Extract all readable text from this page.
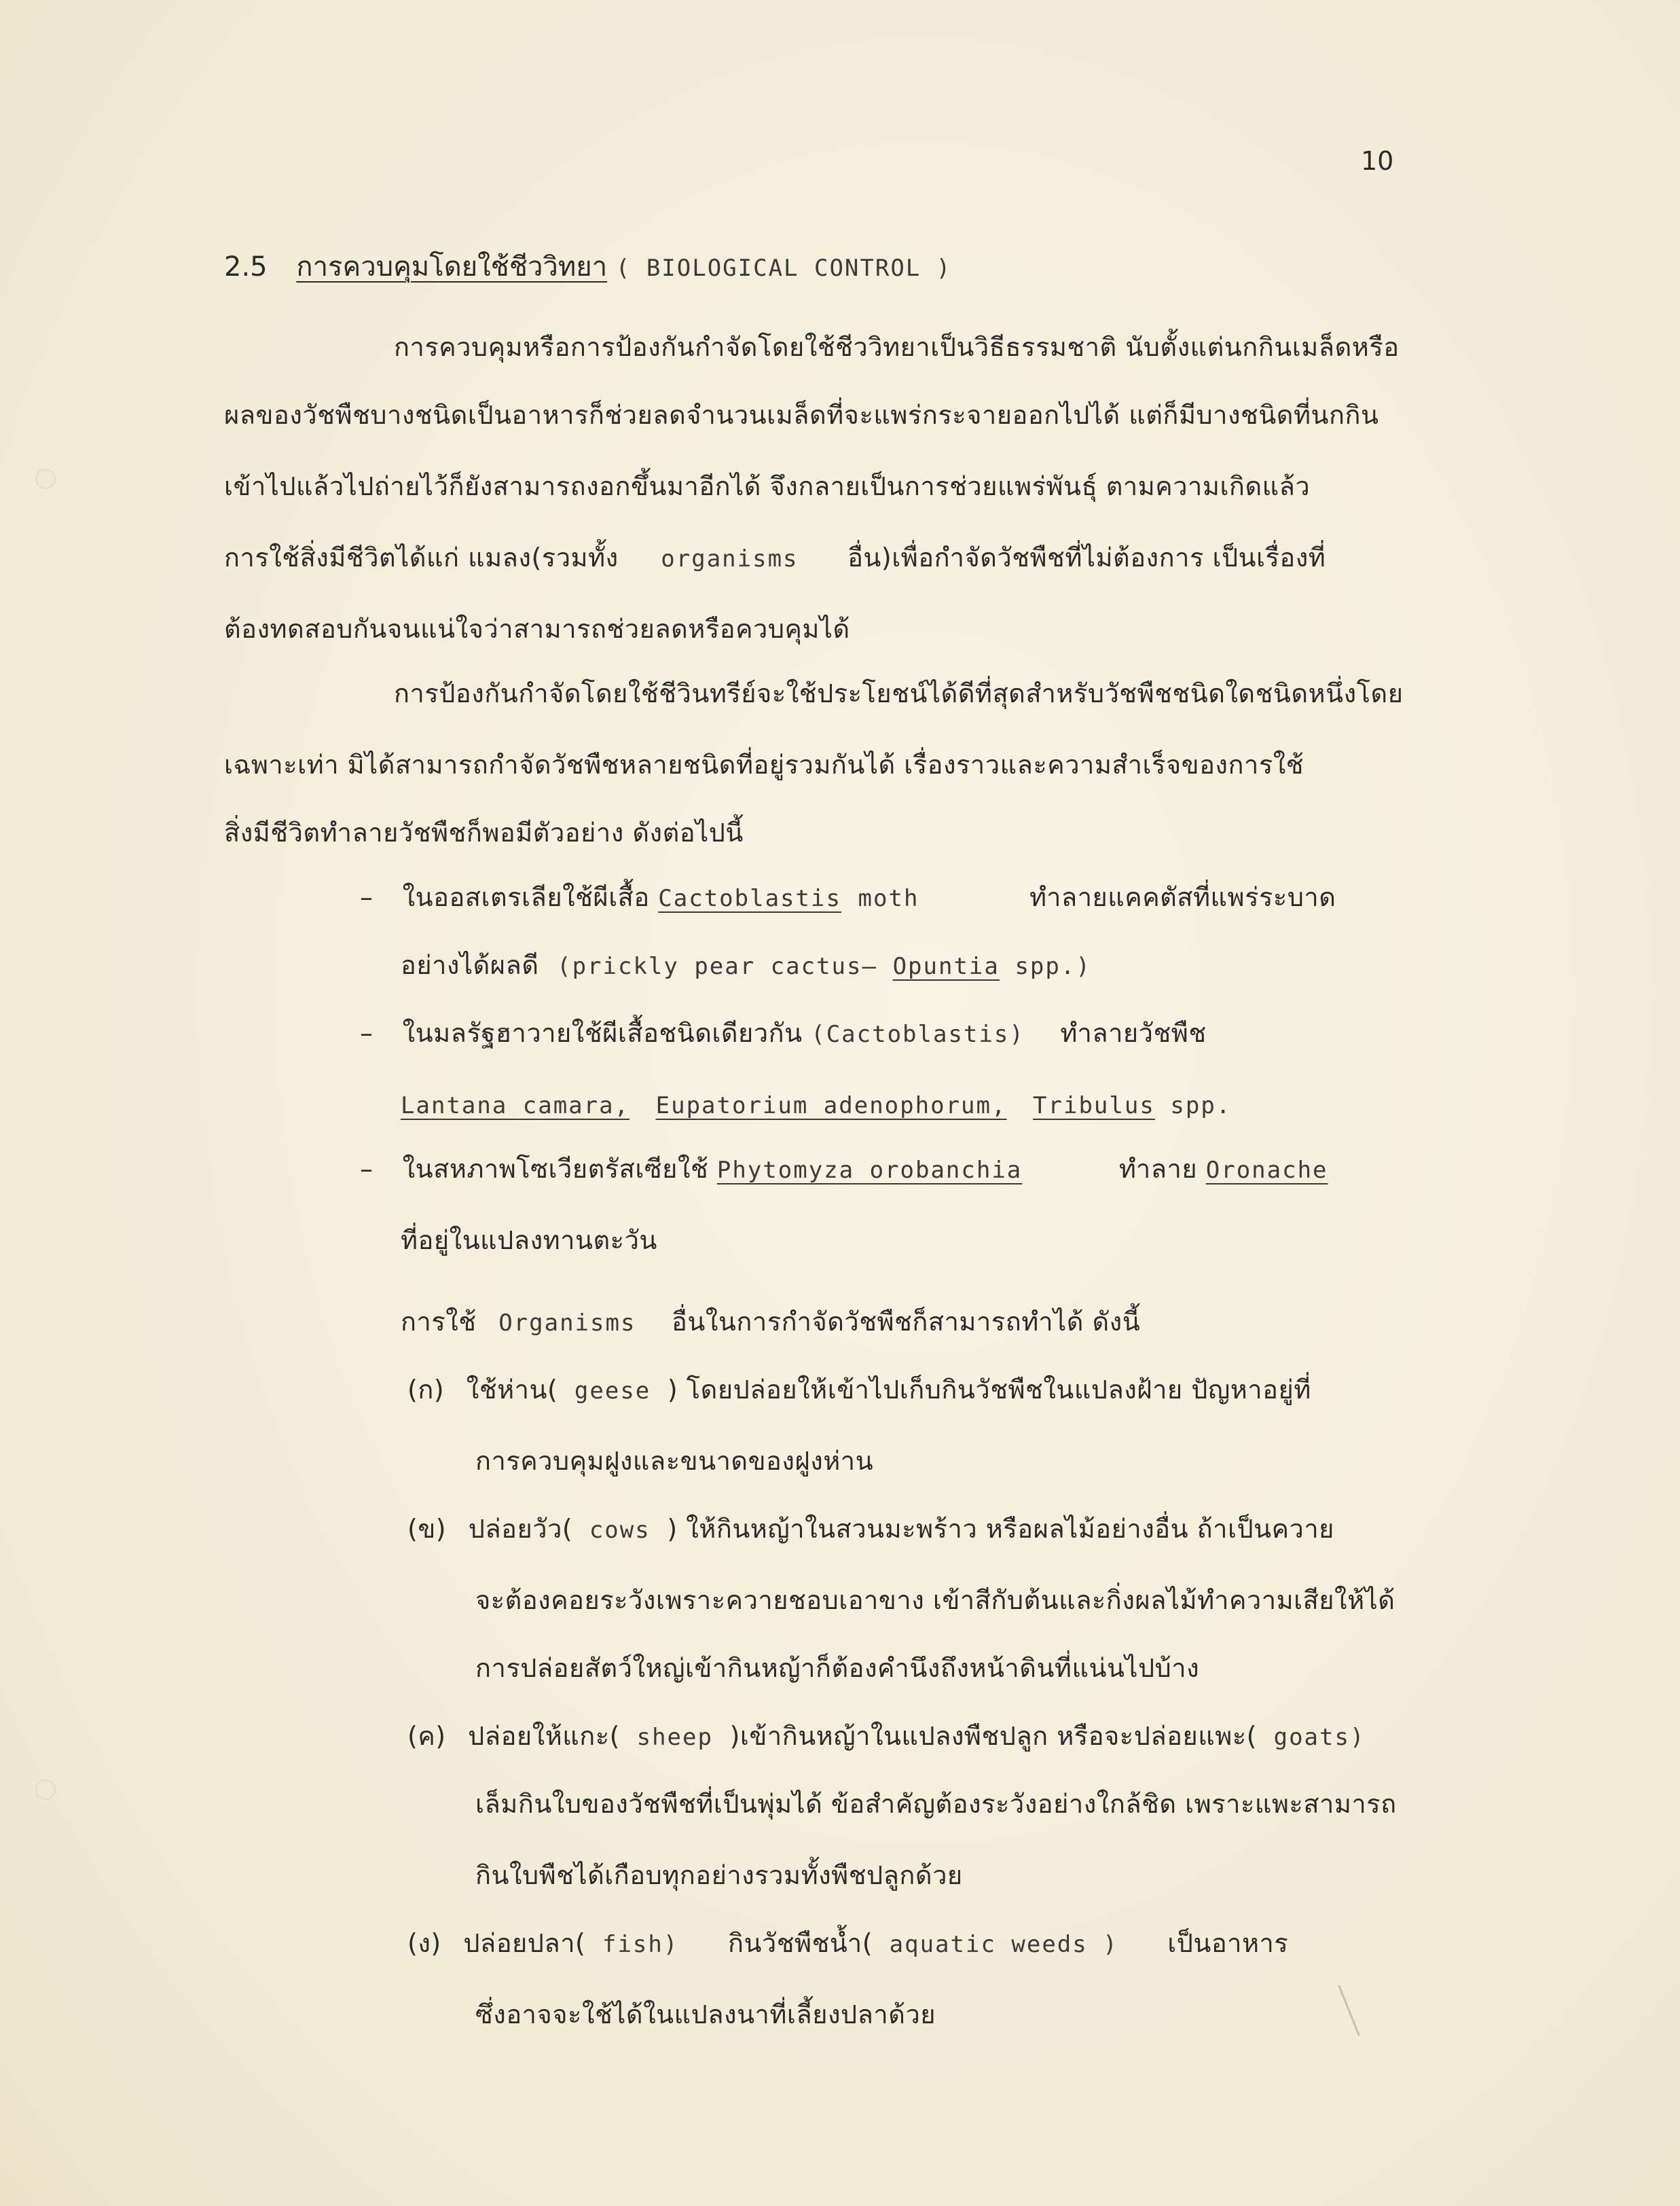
10
2.5 การควบคุมโดยใช้ชีววิทยา ( BIOLOGICAL CONTROL )
การควบคุมหรือการป้องกันกำจัดโดยใช้ชีววิทยาเป็นวิธีธรรมชาติ นับตั้งแต่นกกินเมล็ดหรือ
ผลของวัชพืชบางชนิดเป็นอาหารก็ช่วยลดจำนวนเมล็ดที่จะแพร่กระจายออกไปได้ แต่ก็มีบางชนิดที่นกกิน
เข้าไปแล้วไปถ่ายไว้ก็ยังสามารถงอกขึ้นมาอีกได้ จึงกลายเป็นการช่วยแพร่พันธุ์ ตามความเกิดแล้ว
การใช้สิ่งมีชีวิตได้แก่ แมลง(รวมทั้ง organisms อื่น)เพื่อกำจัดวัชพืชที่ไม่ต้องการ เป็นเรื่องที่
ต้องทดสอบกันจนแน่ใจว่าสามารถช่วยลดหรือควบคุมได้
การป้องกันกำจัดโดยใช้ชีวินทรีย์จะใช้ประโยชน์ได้ดีที่สุดสำหรับวัชพืชชนิดใดชนิดหนึ่งโดย
เฉพาะเท่า มิได้สามารถกำจัดวัชพืชหลายชนิดที่อยู่รวมกันได้ เรื่องราวและความสำเร็จของการใช้
สิ่งมีชีวิตทำลายวัชพืชก็พอมีตัวอย่าง ดังต่อไปนี้
– ในออสเตรเลียใช้ผีเสื้อ Cactoblastis moth	ทำลายแคคตัสที่แพร่ระบาด
อย่างได้ผลดี (prickly pear cactus– Opuntia spp.)
– ในมลรัฐฮาวายใช้ผีเสื้อชนิดเดียวกัน (Cactoblastis) ทำลายวัชพืช
Lantana camara, Eupatorium adenophorum, Tribulus spp.
– ในสหภาพโซเวียตรัสเซียใช้ Phytomyza orobanchia	ทำลาย Oronache
ที่อยู่ในแปลงทานตะวัน
การใช้ Organisms อื่นในการกำจัดวัชพืชก็สามารถทำได้ ดังนี้
(ก) ใช้ห่าน( geese ) โดยปล่อยให้เข้าไปเก็บกินวัชพืชในแปลงฝ้าย ปัญหาอยู่ที่
การควบคุมฝูงและขนาดของฝูงห่าน
(ข) ปล่อยวัว( cows ) ให้กินหญ้าในสวนมะพร้าว หรือผลไม้อย่างอื่น ถ้าเป็นควาย
จะต้องคอยระวังเพราะควายชอบเอาขาง เข้าสีกับต้นและกิ่งผลไม้ทำความเสียให้ได้
การปล่อยสัตว์ใหญ่เข้ากินหญ้าก็ต้องคำนึงถึงหน้าดินที่แน่นไปบ้าง
(ค) ปล่อยให้แกะ( sheep )เข้ากินหญ้าในแปลงพืชปลูก หรือจะปล่อยแพะ( goats)
เล็มกินใบของวัชพืชที่เป็นพุ่มได้ ข้อสำคัญต้องระวังอย่างใกล้ชิด เพราะแพะสามารถ
กินใบพืชได้เกือบทุกอย่างรวมทั้งพืชปลูกด้วย
(ง) ปล่อยปลา( fish) กินวัชพืชน้ำ( aquatic weeds ) เป็นอาหาร
ซึ่งอาจจะใช้ได้ในแปลงนาที่เลี้ยงปลาด้วย
